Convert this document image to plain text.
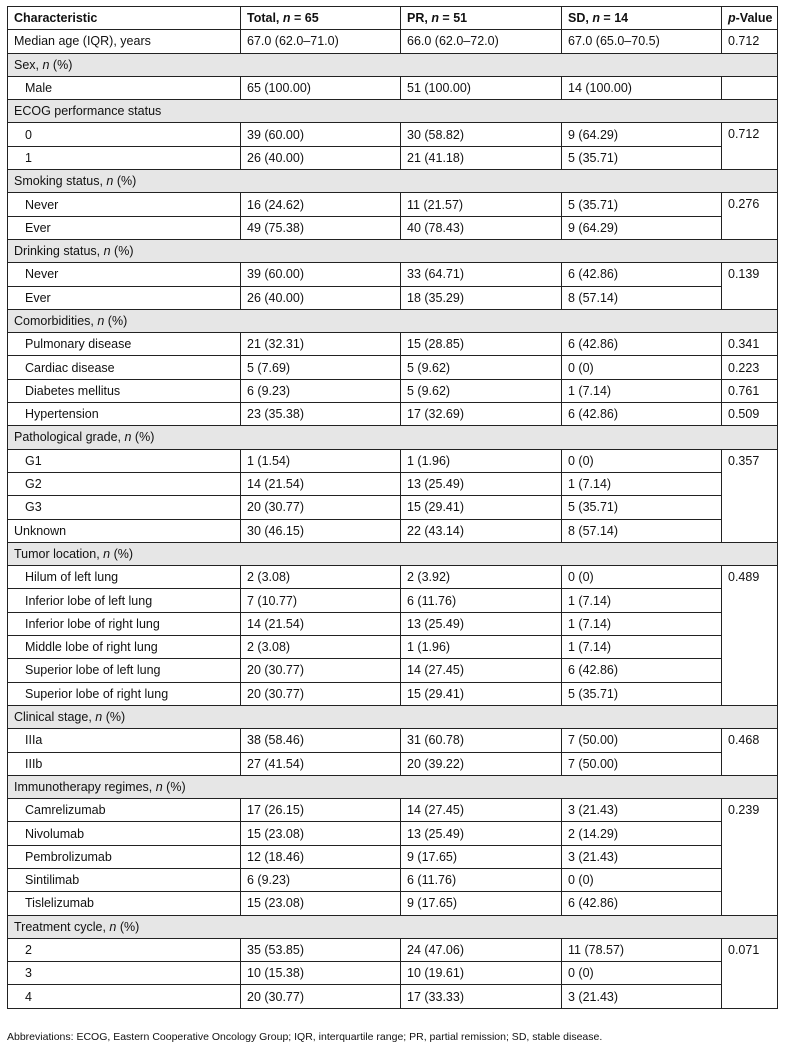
Characteristic	Total, n = 65	PR, n = 51	SD, n = 14	p-Value
Median age (IQR), years	67.0 (62.0–71.0)	66.0 (62.0–72.0)	67.0 (65.0–70.5)	0.712
Sex, n (%)				
Male	65 (100.00)	51 (100.00)	14 (100.00)	
ECOG performance status				
0	39 (60.00)	30 (58.82)	9 (64.29)	0.712
1	26 (40.00)	21 (41.18)	5 (35.71)	
Smoking status, n (%)				
Never	16 (24.62)	11 (21.57)	5 (35.71)	0.276
Ever	49 (75.38)	40 (78.43)	9 (64.29)	
Drinking status, n (%)				
Never	39 (60.00)	33 (64.71)	6 (42.86)	0.139
Ever	26 (40.00)	18 (35.29)	8 (57.14)	
Comorbidities, n (%)				
Pulmonary disease	21 (32.31)	15 (28.85)	6 (42.86)	0.341
Cardiac disease	5 (7.69)	5 (9.62)	0 (0)	0.223
Diabetes mellitus	6 (9.23)	5 (9.62)	1 (7.14)	0.761
Hypertension	23 (35.38)	17 (32.69)	6 (42.86)	0.509
Pathological grade, n (%)				
G1	1 (1.54)	1 (1.96)	0 (0)	0.357
G2	14 (21.54)	13 (25.49)	1 (7.14)	
G3	20 (30.77)	15 (29.41)	5 (35.71)	
Unknown	30 (46.15)	22 (43.14)	8 (57.14)	
Tumor location, n (%)				
Hilum of left lung	2 (3.08)	2 (3.92)	0 (0)	0.489
Inferior lobe of left lung	7 (10.77)	6 (11.76)	1 (7.14)	
Inferior lobe of right lung	14 (21.54)	13 (25.49)	1 (7.14)	
Middle lobe of right lung	2 (3.08)	1 (1.96)	1 (7.14)	
Superior lobe of left lung	20 (30.77)	14 (27.45)	6 (42.86)	
Superior lobe of right lung	20 (30.77)	15 (29.41)	5 (35.71)	
Clinical stage, n (%)				
IIIa	38 (58.46)	31 (60.78)	7 (50.00)	0.468
IIIb	27 (41.54)	20 (39.22)	7 (50.00)	
Immunotherapy regimes, n (%)				
Camrelizumab	17 (26.15)	14 (27.45)	3 (21.43)	0.239
Nivolumab	15 (23.08)	13 (25.49)	2 (14.29)	
Pembrolizumab	12 (18.46)	9 (17.65)	3 (21.43)	
Sintilimab	6 (9.23)	6 (11.76)	0 (0)	
Tislelizumab	15 (23.08)	9 (17.65)	6 (42.86)	
Treatment cycle, n (%)				
2	35 (53.85)	24 (47.06)	11 (78.57)	0.071
3	10 (15.38)	10 (19.61)	0 (0)	
4	20 (30.77)	17 (33.33)	3 (21.43)	
Abbreviations: ECOG, Eastern Cooperative Oncology Group; IQR, interquartile range; PR, partial remission; SD, stable disease.
